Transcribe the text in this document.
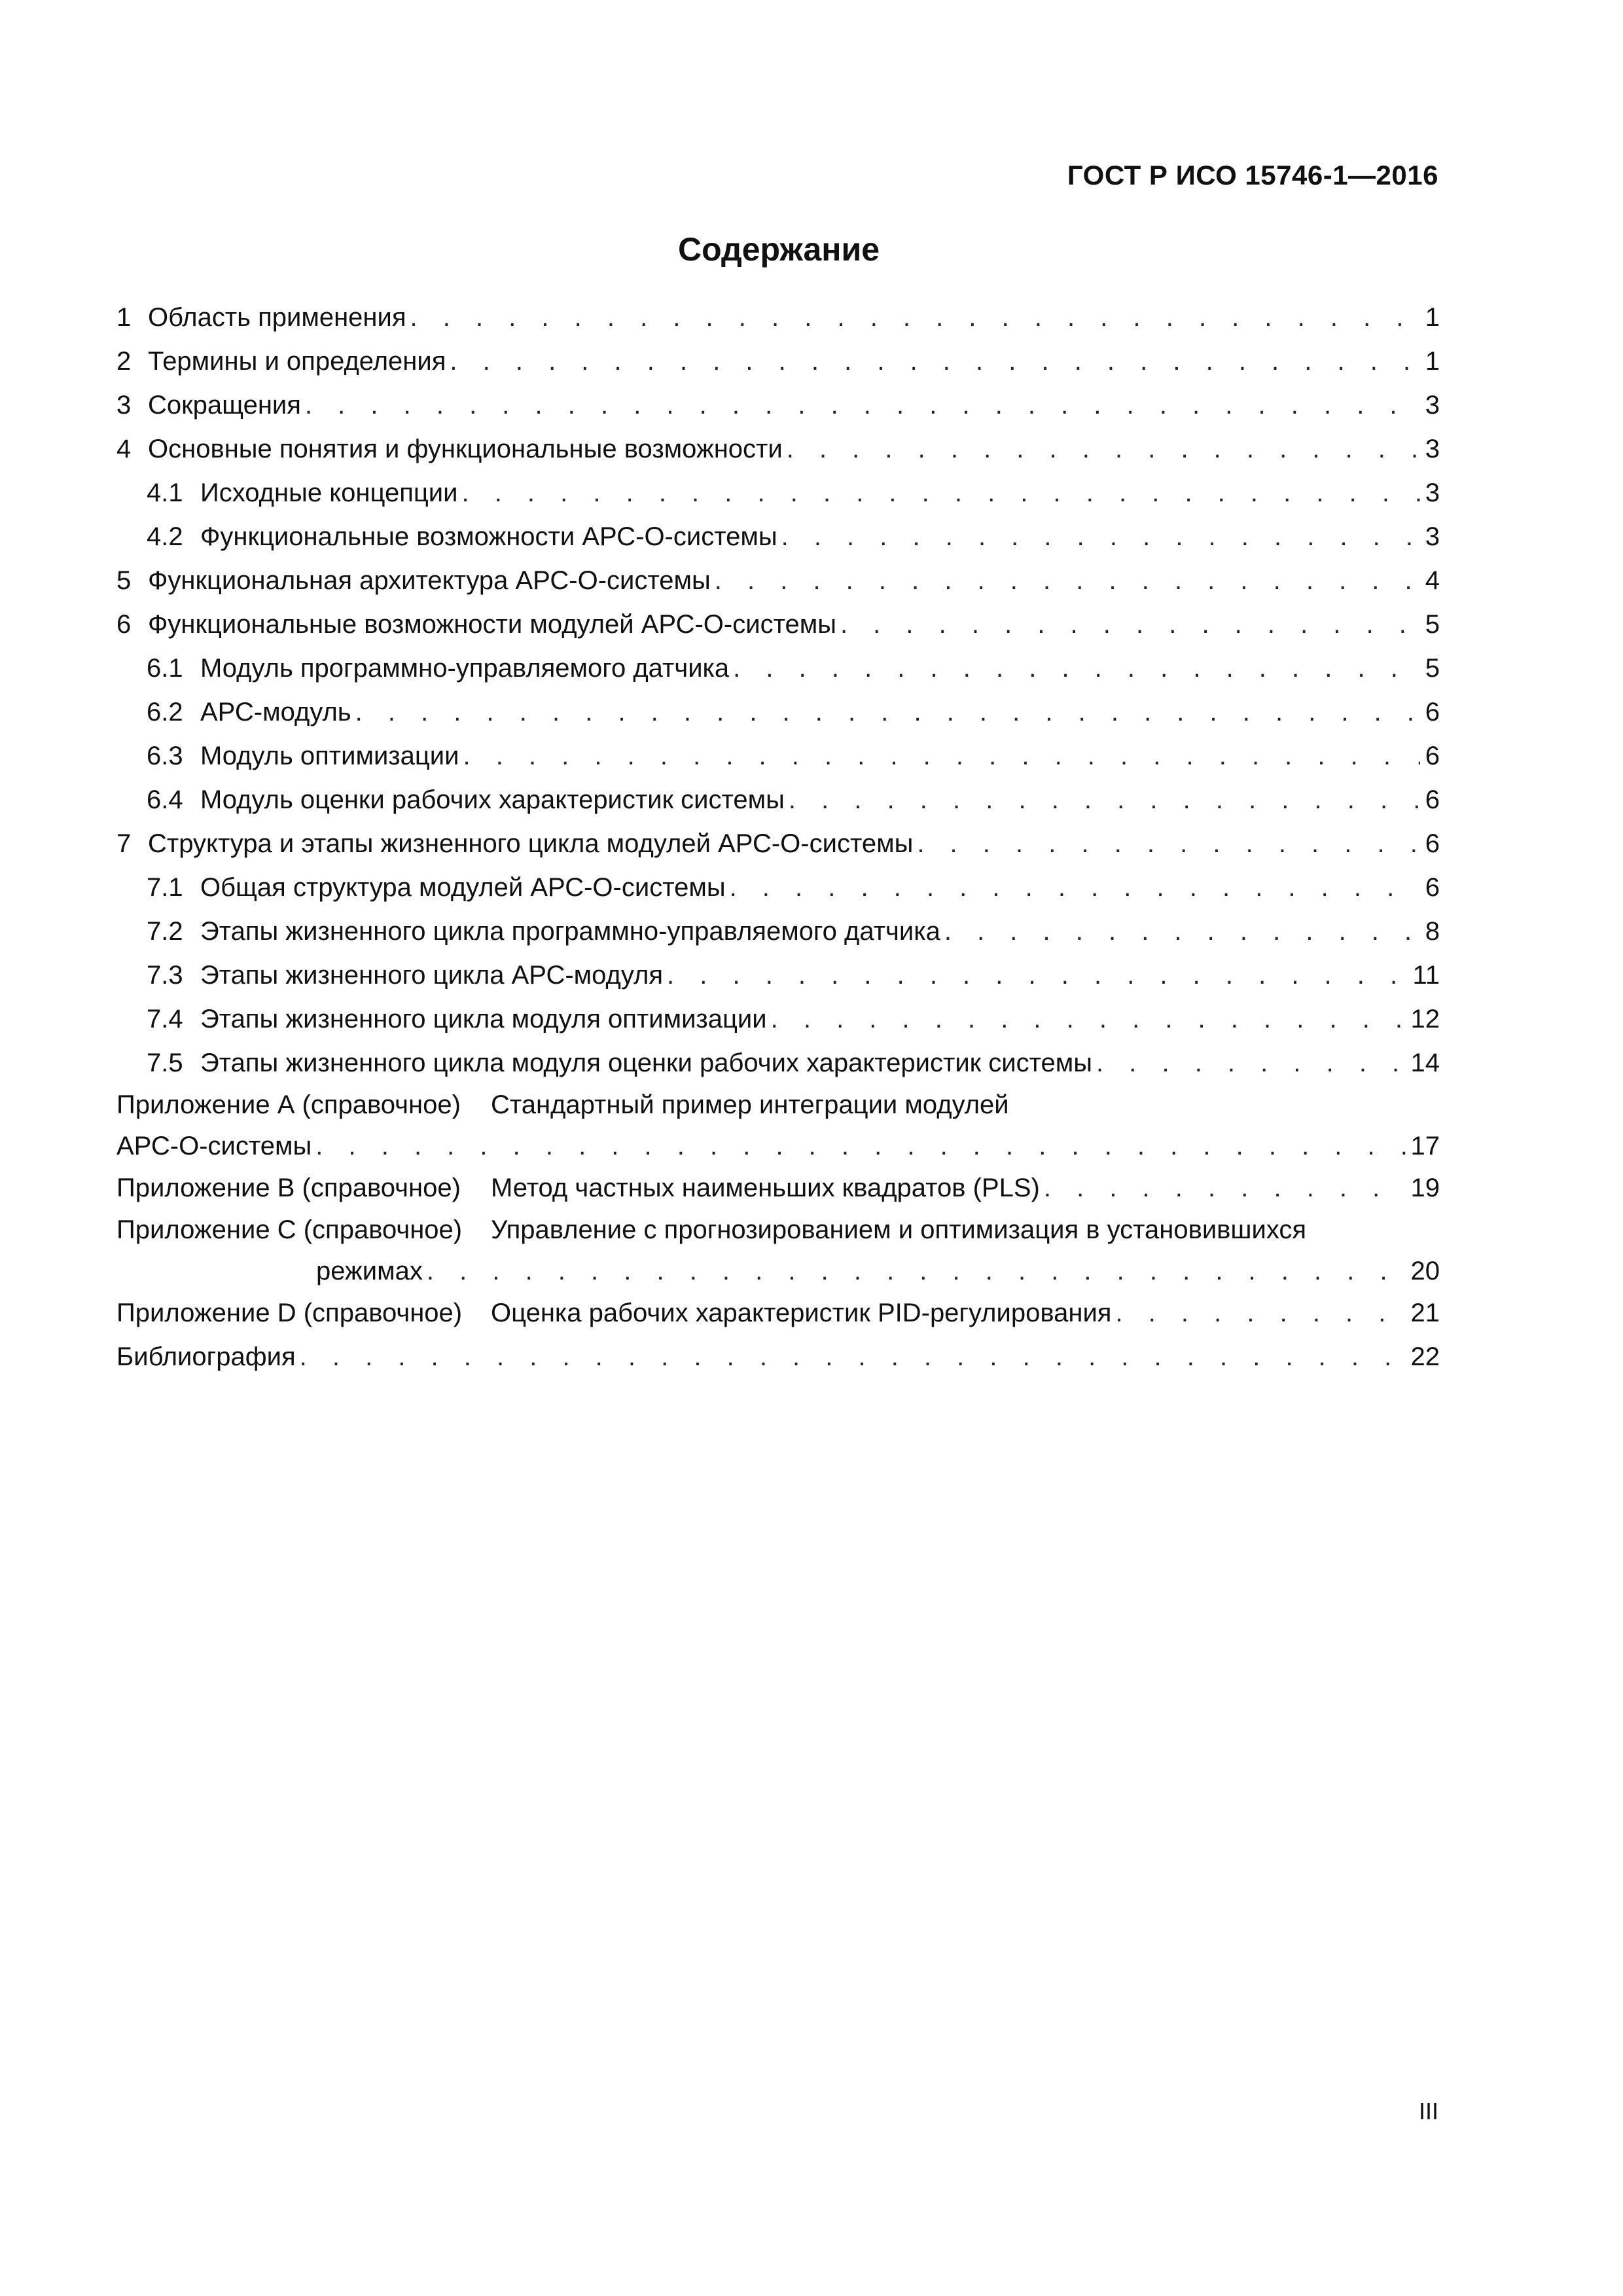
ГОСТ Р ИСО 15746-1—2016
Содержание
1 Область применения . . .	1
2 Термины и определения . . .	1
3 Сокращения . . .	3
4 Основные понятия и функциональные возможности . . .	3
4.1 Исходные концепции . . .	3
4.2 Функциональные возможности АРС-О-системы . . .	3
5 Функциональная архитектура АРС-О-системы . . .	4
6 Функциональные возможности модулей АРС-О-системы . . .	5
6.1 Модуль программно-управляемого датчика . . .	5
6.2 АРС-модуль . . .	6
6.3 Модуль оптимизации . . .	6
6.4 Модуль оценки рабочих характеристик системы . . .	6
7 Структура и этапы жизненного цикла модулей АРС-О-системы . . .	6
7.1 Общая структура модулей АРС-О-системы . . .	6
7.2 Этапы жизненного цикла программно-управляемого датчика . . .	8
7.3 Этапы жизненного цикла АРС-модуля . . .	11
7.4 Этапы жизненного цикла модуля оптимизации . . .	12
7.5 Этапы жизненного цикла модуля оценки рабочих характеристик системы . . .	14
Приложение А (справочное) Стандартный пример интеграции модулей
АРС-О-системы . . .	17
Приложение В (справочное)	Метод частных наименьших квадратов (PLS) . . .	19
Приложение С (справочное) Управление с прогнозированием и оптимизация в установившихся
режимах . . .	20
Приложение D (справочное)	Оценка рабочих характеристик PID-регулирования . . .	21
Библиография . . .	22
III
